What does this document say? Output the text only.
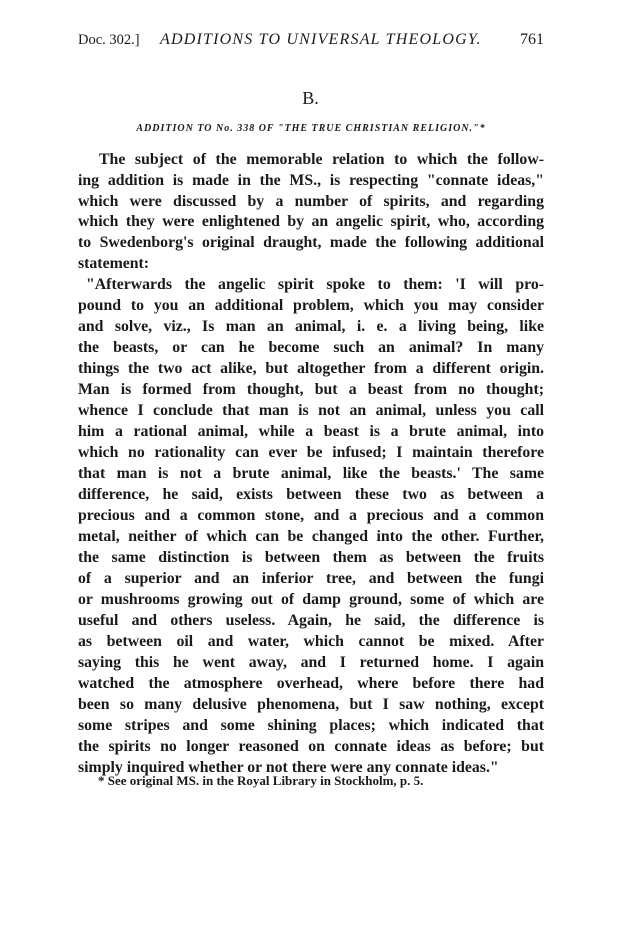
Doc. 302.] ADDITIONS TO UNIVERSAL THEOLOGY. 761
B.
ADDITION TO No. 338 OF "THE TRUE CHRISTIAN RELIGION."*
The subject of the memorable relation to which the follow-
ing addition is made in the MS., is respecting "connate ideas,"
which were discussed by a number of spirits, and regarding
which they were enlightened by an angelic spirit, who, according
to Swedenborg's original draught, made the following additional
statement:
"Afterwards the angelic spirit spoke to them: 'I will pro-
pound to you an additional problem, which you may consider
and solve, viz., Is man an animal, i. e. a living being, like
the beasts, or can he become such an animal? In many
things the two act alike, but altogether from a different origin.
Man is formed from thought, but a beast from no thought;
whence I conclude that man is not an animal, unless you call
him a rational animal, while a beast is a brute animal, into
which no rationality can ever be infused; I maintain therefore
that man is not a brute animal, like the beasts.' The same
difference, he said, exists between these two as between a
precious and a common stone, and a precious and a common
metal, neither of which can be changed into the other. Further,
the same distinction is between them as between the fruits
of a superior and an inferior tree, and between the fungi
or mushrooms growing out of damp ground, some of which are
useful and others useless. Again, he said, the difference is
as between oil and water, which cannot be mixed. After
saying this he went away, and I returned home. I again
watched the atmosphere overhead, where before there had
been so many delusive phenomena, but I saw nothing, except
some stripes and some shining places; which indicated that
the spirits no longer reasoned on connate ideas as before; but
simply inquired whether or not there were any connate ideas."
* See original MS. in the Royal Library in Stockholm, p. 5.
